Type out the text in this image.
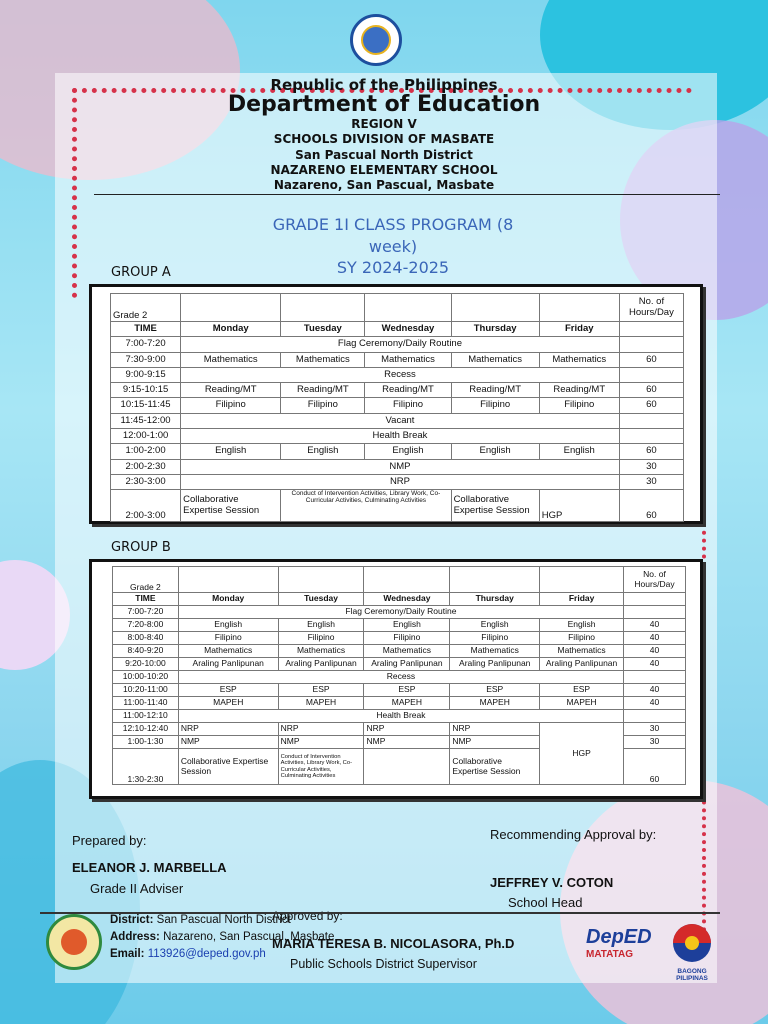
Republic of the Philippines
Department of Education
REGION V
SCHOOLS DIVISION OF MASBATE
San Pascual North District
NAZARENO ELEMENTARY SCHOOL
Nazareno, San Pascual, Masbate
GRADE 1I CLASS PROGRAM (8
week)
SY 2024-2025
GROUP A
Grade 2						No. of Hours/Day
TIME	Monday	Tuesday	Wednesday	Thursday	Friday	
7:00-7:20	Flag Ceremony/Daily Routine					
7:30-9:00	Mathematics	Mathematics	Mathematics	Mathematics	Mathematics	60
9:00-9:15	Recess					
9:15-10:15	Reading/MT	Reading/MT	Reading/MT	Reading/MT	Reading/MT	60
10:15-11:45	Filipino	Filipino	Filipino	Filipino	Filipino	60
11:45-12:00	Vacant					
12:00-1:00	Health Break					
1:00-2:00	English	English	English	English	English	60
2:00-2:30	NMP					30
2:30-3:00	NRP					30
2:00-3:00	Collaborative Expertise Session	Conduct of Intervention Activities, Library Work, Co-Curricular Activities, Culminating Activities		Collaborative Expertise Session	HGP	60
GROUP B
Grade 2						No. of Hours/Day
TIME	Monday	Tuesday	Wednesday	Thursday	Friday	
7:00-7:20	Flag Ceremony/Daily Routine					
7:20-8:00	English	English	English	English	English	40
8:00-8:40	Filipino	Filipino	Filipino	Filipino	Filipino	40
8:40-9:20	Mathematics	Mathematics	Mathematics	Mathematics	Mathematics	40
9:20-10:00	Araling Panlipunan	Araling Panlipunan	Araling Panlipunan	Araling Panlipunan	Araling Panlipunan	40
10:00-10:20	Recess					
10:20-11:00	ESP	ESP	ESP	ESP	ESP	40
11:00-11:40	MAPEH	MAPEH	MAPEH	MAPEH	MAPEH	40
11:00-12:10	Health Break					
12:10-12:40	NRP	NRP	NRP	NRP	HGP	30
1:00-1:30	NMP	NMP	NMP	NMP		30
1:30-2:30	Collaborative Expertise Session	Conduct of Intervention Activities, Library Work, Co-Curricular Activities, Culminating Activities		Collaborative Expertise Session		60
Prepared by:
ELEANOR J. MARBELLA
Grade II Adviser
Recommending Approval by:
JEFFREY V. COTON
School Head
Approved by:
MARIA TERESA B. NICOLASORA, Ph.D
Public Schools District Supervisor
District: San Pascual North District
Address: Nazareno, San Pascual, Masbate
Email: 113926@deped.gov.ph
DepED
MATATAG
BAGONG PILIPINAS
